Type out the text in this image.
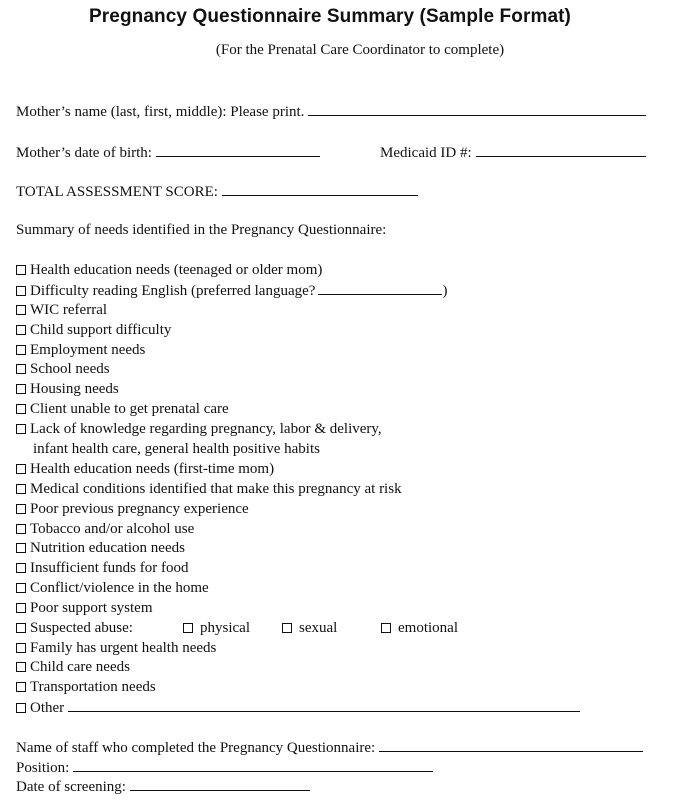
Pregnancy Questionnaire Summary (Sample Format)
(For the Prenatal Care Coordinator to complete)
Mother’s name (last, first, middle): Please print.
Mother’s date of birth:	Medicaid ID #:
TOTAL ASSESSMENT SCORE:
Summary of needs identified in the Pregnancy Questionnaire:
Health education needs (teenaged or older mom)
Difficulty reading English (preferred language?	)
WIC referral
Child support difficulty
Employment needs
School needs
Housing needs
Client unable to get prenatal care
Lack of knowledge regarding pregnancy, labor & delivery,
infant health care, general health positive habits
Health education needs (first-time mom)
Medical conditions identified that make this pregnancy at risk
Poor previous pregnancy experience
Tobacco and/or alcohol use
Nutrition education needs
Insufficient funds for food
Conflict/violence in the home
Poor support system
Suspected abuse:	physical	sexual	emotional
Family has urgent health needs
Child care needs
Transportation needs
Other
Name of staff who completed the Pregnancy Questionnaire:
Position:
Date of screening:
